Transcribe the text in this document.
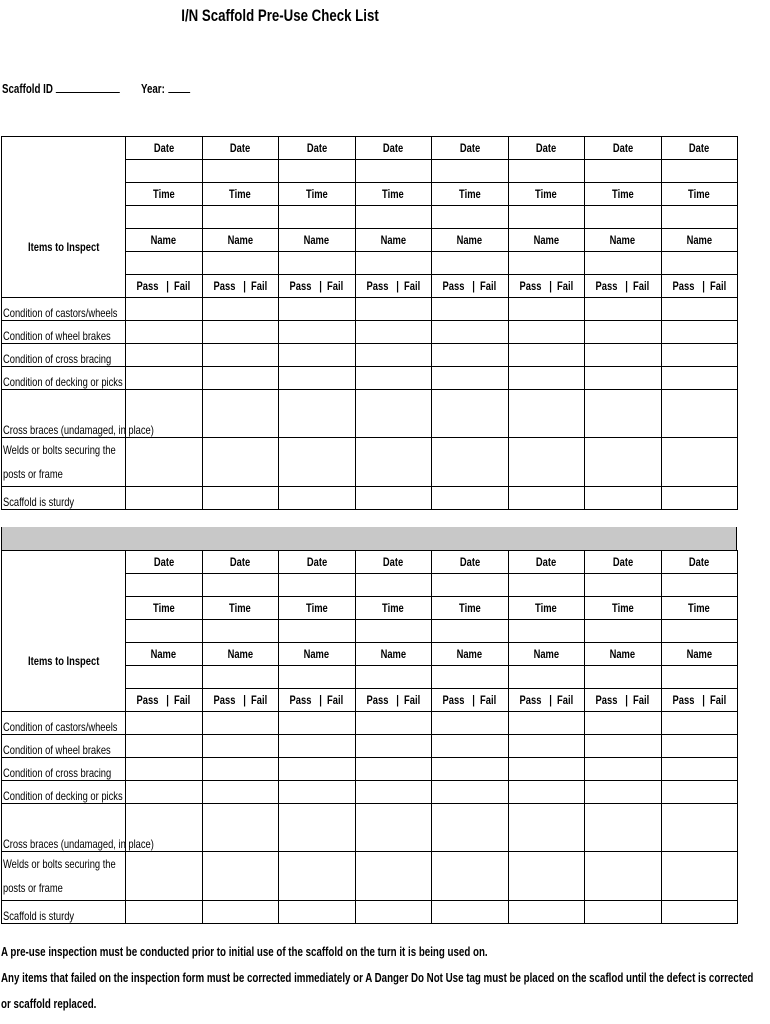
I/N Scaffold Pre-Use Check List
Scaffold ID	Year:
Items to Inspect	Date	Date	Date	Date	Date	Date	Date	Date

	Time	Time	Time	Time	Time	Time	Time	Time

	Name	Name	Name	Name	Name	Name	Name	Name

	Pass   |  Fail	Pass   |  Fail	Pass   |  Fail	Pass   |  Fail	Pass   |  Fail	Pass   |  Fail	Pass   |  Fail	Pass   |  Fail
Condition of castors/wheels								
Condition of wheel brakes								
Condition of cross bracing								
Condition of decking or picks								
Cross braces (undamaged, in place)								
Welds or bolts securing the posts or frame								
Scaffold is sturdy								
Items to Inspect	Date	Date	Date	Date	Date	Date	Date	Date

	Time	Time	Time	Time	Time	Time	Time	Time

	Name	Name	Name	Name	Name	Name	Name	Name

	Pass   |  Fail	Pass   |  Fail	Pass   |  Fail	Pass   |  Fail	Pass   |  Fail	Pass   |  Fail	Pass   |  Fail	Pass   |  Fail
Condition of castors/wheels								
Condition of wheel brakes								
Condition of cross bracing								
Condition of decking or picks								
Cross braces (undamaged, in place)								
Welds or bolts securing the posts or frame								
Scaffold is sturdy								
A pre-use inspection must be conducted prior to initial use of the scaffold on the turn it is being used on.
Any items that failed on the inspection form must be corrected immediately or A Danger Do Not Use tag must be placed on the scaflod until the defect is corrected
or scaffold replaced.
